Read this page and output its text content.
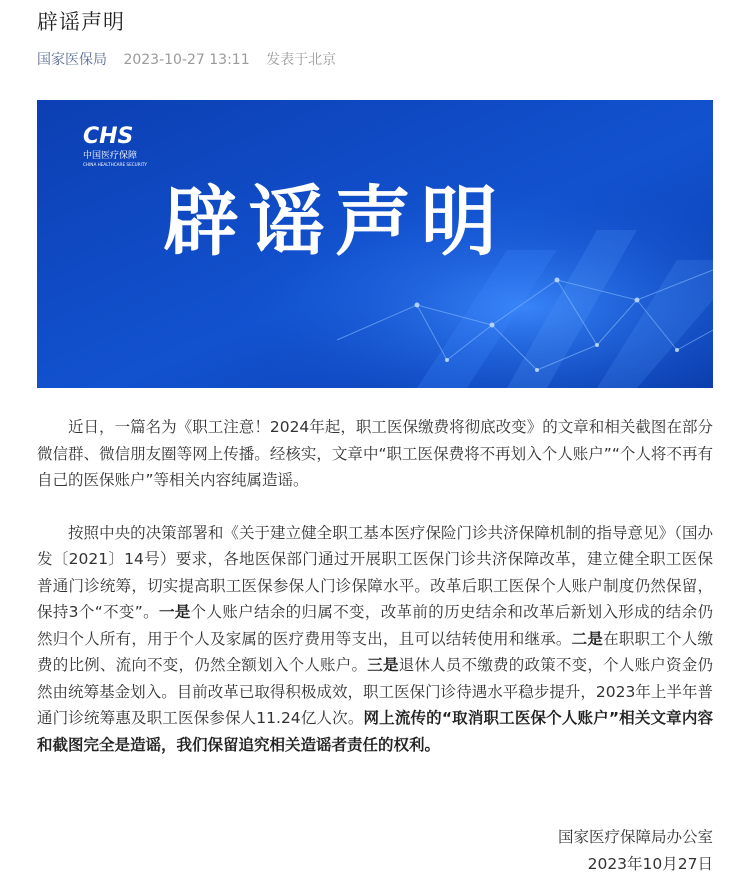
辟谣声明
国家医保局 2023-10-27 13:11 发表于北京
CHS
中国医疗保障
CHINA HEALTHCARE SECURITY
辟谣声明

近日，一篇名为《职工注意！2024年起，职工医保缴费将彻底改变》的文章和相关截图在部分微信群、微信朋友圈等网上传播。经核实，文章中“职工医保费将不再划入个人账户”“个人将不再有自己的医保账户”等相关内容纯属造谣。

按照中央的决策部署和《关于建立健全职工基本医疗保险门诊共济保障机制的指导意见》（国办发〔2021〕14号）要求，各地医保部门通过开展职工医保门诊共济保障改革，建立健全职工医保普通门诊统筹，切实提高职工医保参保人门诊保障水平。改革后职工医保个人账户制度仍然保留，保持3个“不变”。一是个人账户结余的归属不变，改革前的历史结余和改革后新划入形成的结余仍然归个人所有，用于个人及家属的医疗费用等支出，且可以结转使用和继承。二是在职职工个人缴费的比例、流向不变，仍然全额划入个人账户。三是退休人员不缴费的政策不变，个人账户资金仍然由统筹基金划入。目前改革已取得积极成效，职工医保门诊待遇水平稳步提升，2023年上半年普通门诊统筹惠及职工医保参保人11.24亿人次。网上流传的“取消职工医保个人账户”相关文章内容和截图完全是造谣，我们保留追究相关造谣者责任的权利。

国家医疗保障局办公室
2023年10月27日
